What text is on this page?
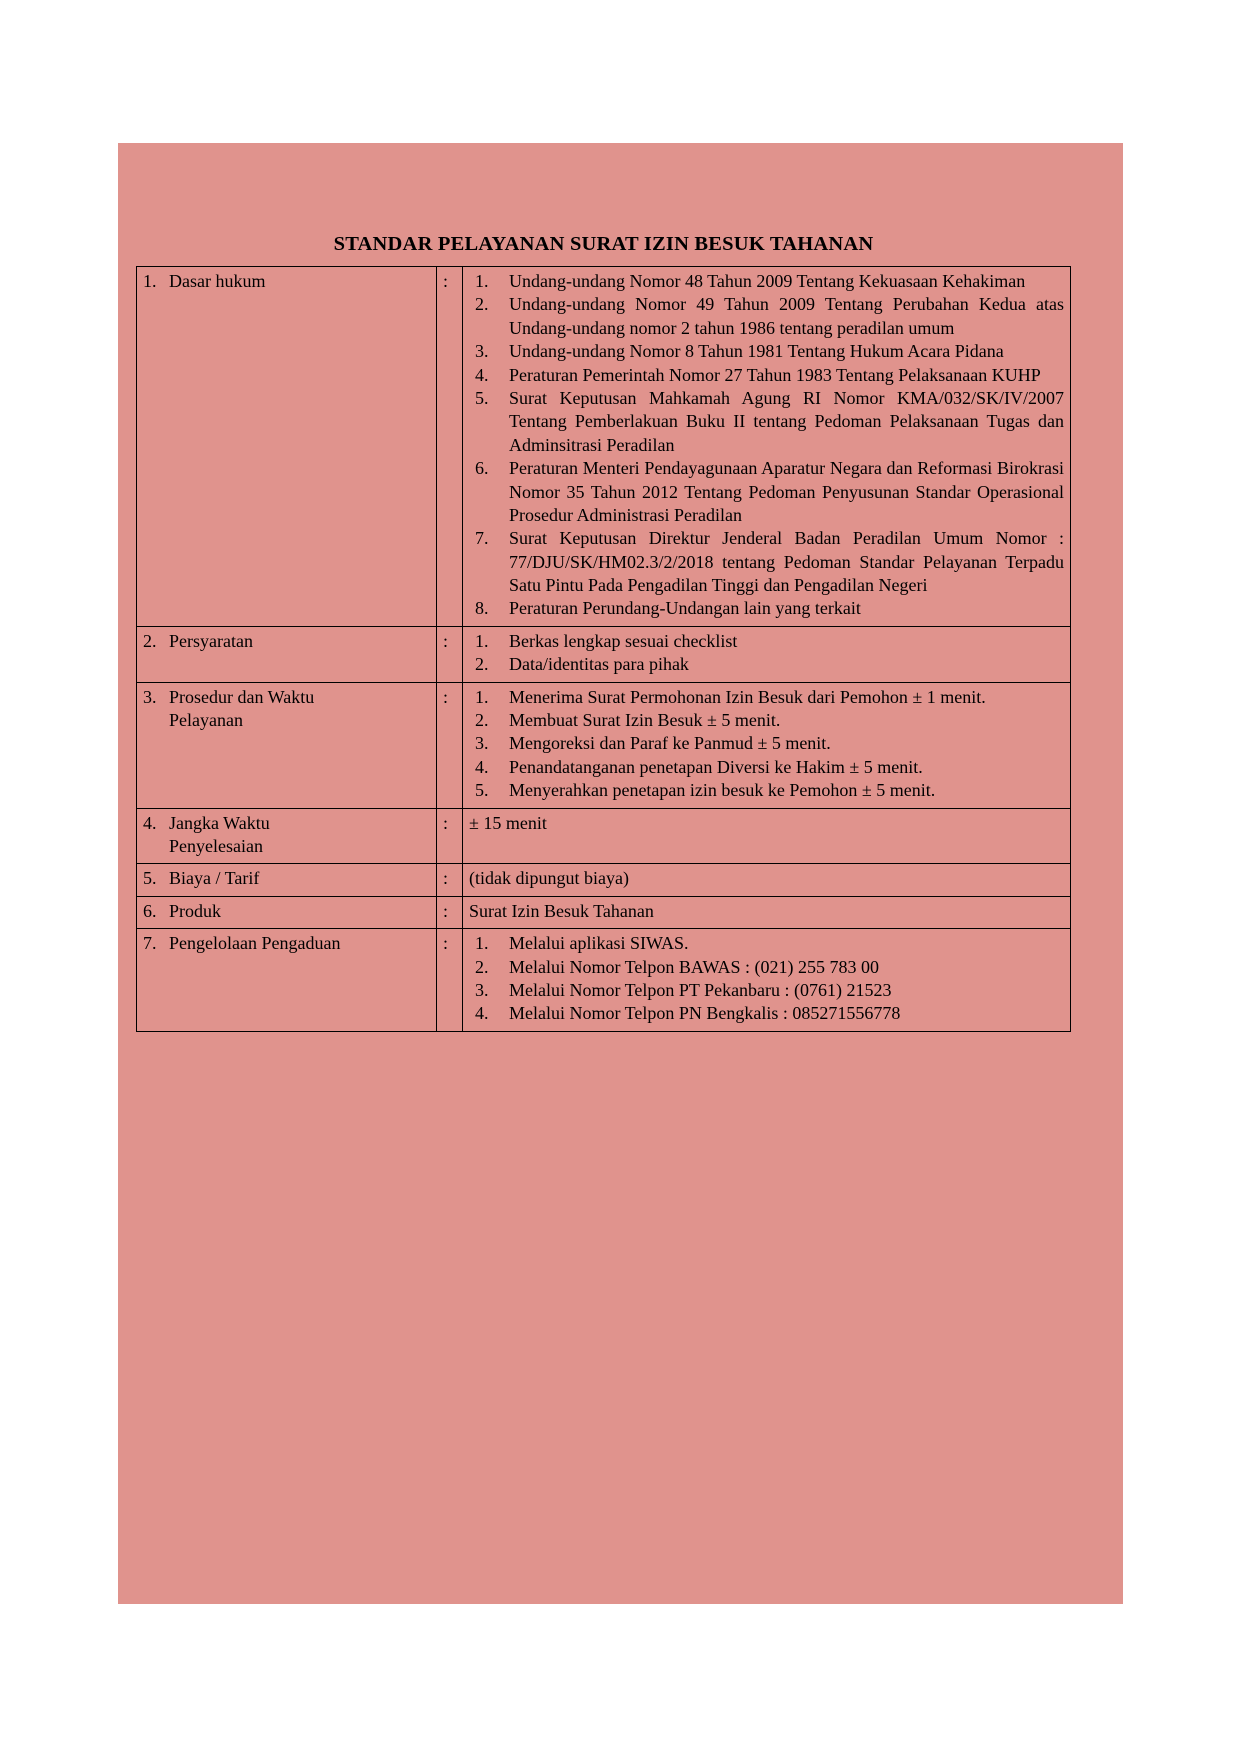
STANDAR PELAYANAN SURAT IZIN BESUK TAHANAN
1. Dasar hukum	:	1.	Undang-undang Nomor 48 Tahun 2009 Tentang Kekuasaan Kehakiman
2.	Undang-undang Nomor 49 Tahun 2009 Tentang Perubahan Kedua atas Undang-undang nomor 2 tahun 1986 tentang peradilan umum
3.	Undang-undang Nomor 8 Tahun 1981 Tentang Hukum Acara Pidana
4.	Peraturan Pemerintah Nomor 27 Tahun 1983 Tentang Pelaksanaan KUHP
5.	Surat Keputusan Mahkamah Agung RI Nomor KMA/032/SK/IV/2007 Tentang Pemberlakuan Buku II tentang Pedoman Pelaksanaan Tugas dan Adminsitrasi Peradilan
6.	Peraturan Menteri Pendayagunaan Aparatur Negara dan Reformasi Birokrasi Nomor 35 Tahun 2012 Tentang Pedoman Penyusunan Standar Operasional Prosedur Administrasi Peradilan
7.	Surat Keputusan Direktur Jenderal Badan Peradilan Umum Nomor : 77/DJU/SK/HM02.3/2/2018 tentang Pedoman Standar Pelayanan Terpadu Satu Pintu Pada Pengadilan Tinggi dan Pengadilan Negeri
8.	Peraturan Perundang-Undangan lain yang terkait

2. Persyaratan	:	1.	Berkas lengkap sesuai checklist
2.	Data/identitas para pihak

3. Prosedur dan Waktu
Pelayanan
	:	1.	Menerima Surat Permohonan Izin Besuk dari Pemohon ± 1 menit.
2.	Membuat Surat Izin Besuk ± 5 menit.
3.	Mengoreksi dan Paraf ke Panmud ± 5 menit.
4.	Penandatanganan penetapan Diversi ke Hakim ± 5 menit.
5.	Menyerahkan penetapan izin besuk ke Pemohon ± 5 menit.

4. Jangka Waktu
Penyelesaian	:	± 15 menit

5. Biaya / Tarif	:	(tidak dipungut biaya)

6. Produk	:	Surat Izin Besuk Tahanan

7. Pengelolaan Pengaduan	:	1.	Melalui aplikasi SIWAS.
2.	Melalui Nomor Telpon BAWAS : (021) 255 783 00
3.	Melalui Nomor Telpon PT Pekanbaru : (0761) 21523
4.	Melalui Nomor Telpon PN Bengkalis : 085271556778
